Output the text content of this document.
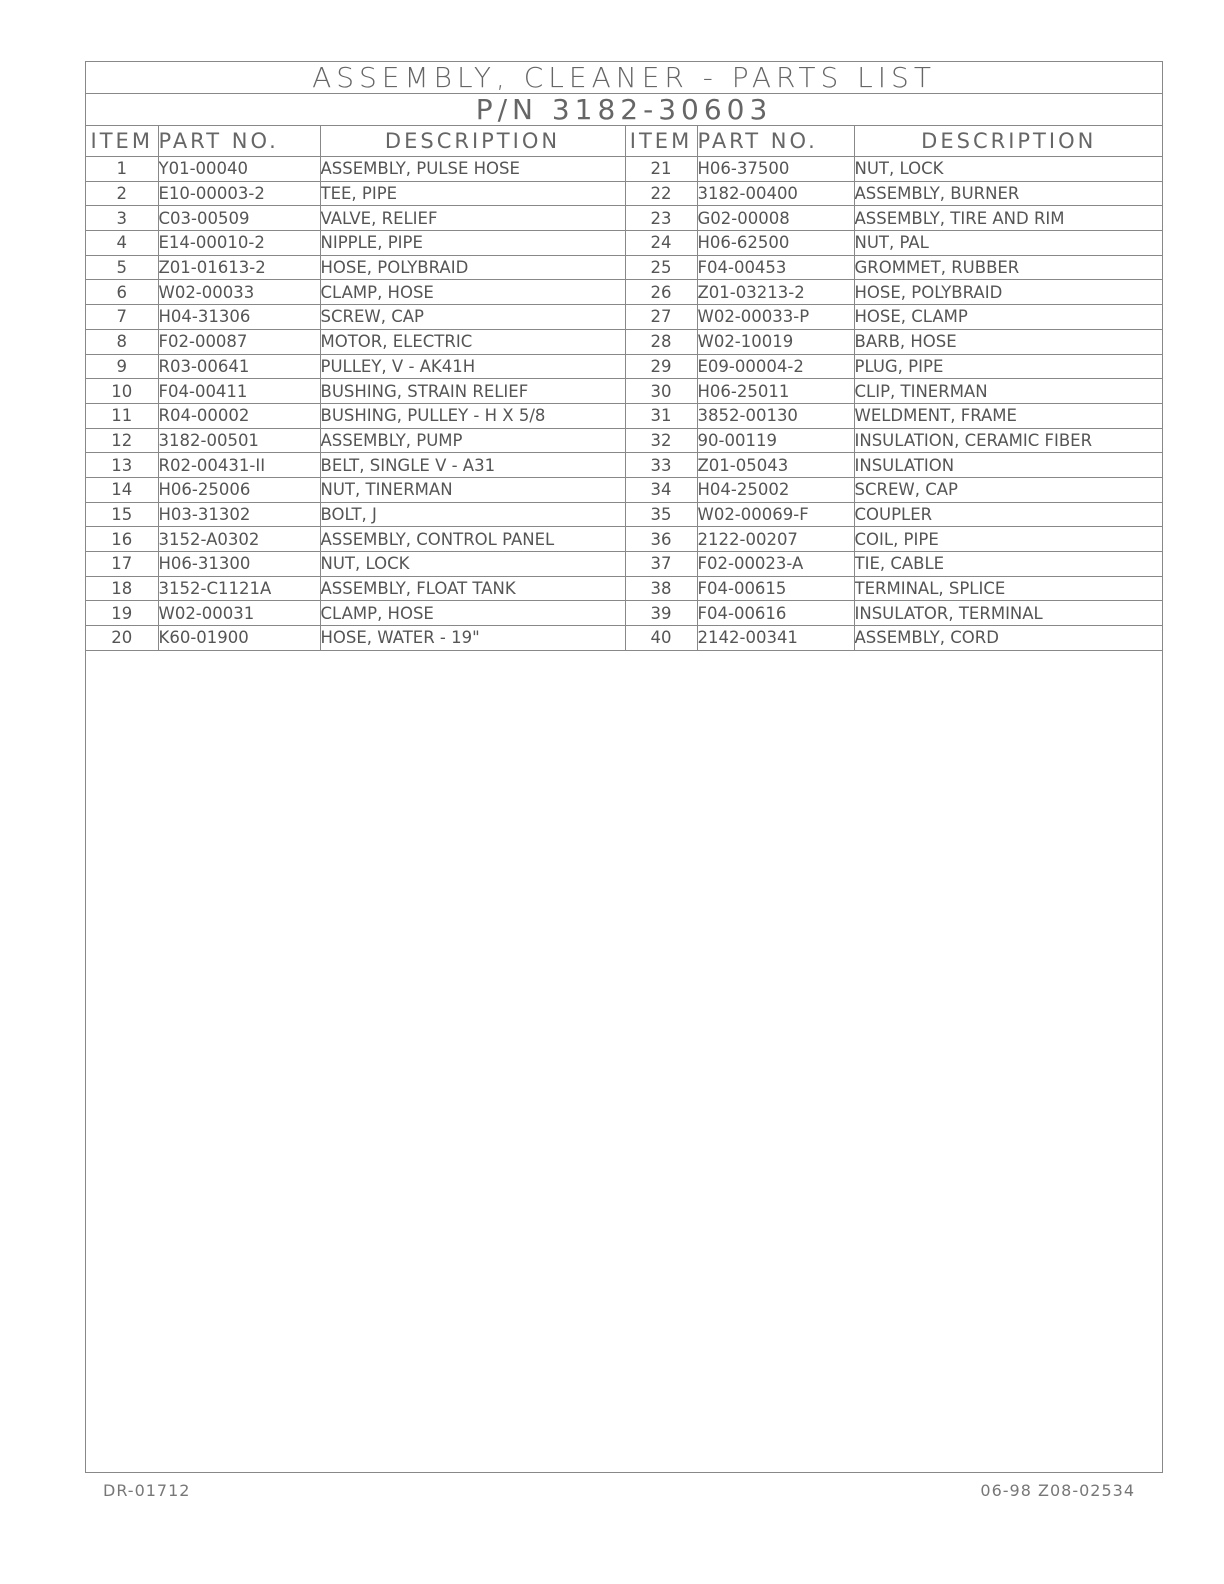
ASSEMBLY, CLEANER - PARTS LIST
P/N 3182-30603
ITEM	PART NO.	DESCRIPTION	ITEM	PART NO.	DESCRIPTION
1	Y01-00040	ASSEMBLY, PULSE HOSE	21	H06-37500	NUT, LOCK
2	E10-00003-2	TEE, PIPE	22	3182-00400	ASSEMBLY, BURNER
3	C03-00509	VALVE, RELIEF	23	G02-00008	ASSEMBLY, TIRE AND RIM
4	E14-00010-2	NIPPLE, PIPE	24	H06-62500	NUT, PAL
5	Z01-01613-2	HOSE, POLYBRAID	25	F04-00453	GROMMET, RUBBER
6	W02-00033	CLAMP, HOSE	26	Z01-03213-2	HOSE, POLYBRAID
7	H04-31306	SCREW, CAP	27	W02-00033-P	HOSE, CLAMP
8	F02-00087	MOTOR, ELECTRIC	28	W02-10019	BARB, HOSE
9	R03-00641	PULLEY, V - AK41H	29	E09-00004-2	PLUG, PIPE
10	F04-00411	BUSHING, STRAIN RELIEF	30	H06-25011	CLIP, TINERMAN
11	R04-00002	BUSHING, PULLEY - H X 5/8	31	3852-00130	WELDMENT, FRAME
12	3182-00501	ASSEMBLY, PUMP	32	90-00119	INSULATION, CERAMIC FIBER
13	R02-00431-II	BELT, SINGLE V - A31	33	Z01-05043	INSULATION
14	H06-25006	NUT, TINERMAN	34	H04-25002	SCREW, CAP
15	H03-31302	BOLT, J	35	W02-00069-F	COUPLER
16	3152-A0302	ASSEMBLY, CONTROL PANEL	36	2122-00207	COIL, PIPE
17	H06-31300	NUT, LOCK	37	F02-00023-A	TIE, CABLE
18	3152-C1121A	ASSEMBLY, FLOAT TANK	38	F04-00615	TERMINAL, SPLICE
19	W02-00031	CLAMP, HOSE	39	F04-00616	INSULATOR, TERMINAL
20	K60-01900	HOSE, WATER - 19"	40	2142-00341	ASSEMBLY, CORD
DR-01712	06-98 Z08-02534
